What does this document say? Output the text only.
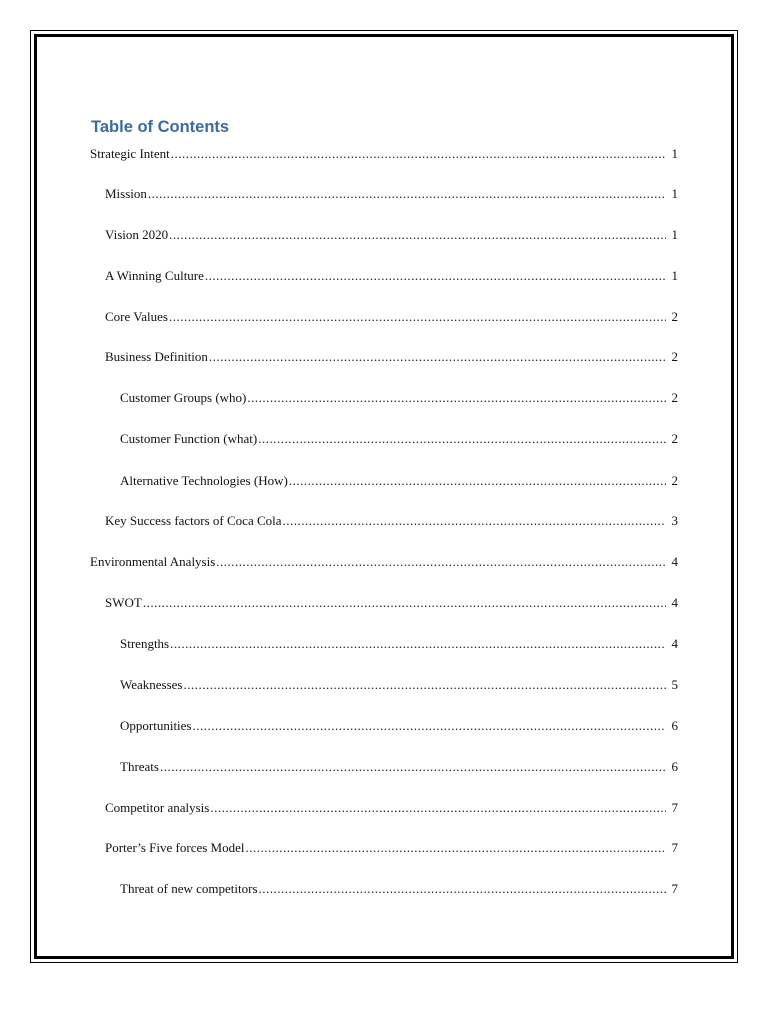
Table of Contents
Strategic Intent .....	1
Mission .....	1
Vision 2020 .....	1
A Winning Culture .....	1
Core Values .....	2
Business Definition .....	2
Customer Groups (who) .....	2
Customer Function (what) .....	2
Alternative Technologies (How) .....	2
Key Success factors of Coca Cola .....	3
Environmental Analysis .....	4
SWOT .....	4
Strengths .....	4
Weaknesses .....	5
Opportunities .....	6
Threats .....	6
Competitor analysis .....	7
Porter’s Five forces Model .....	7
Threat of new competitors .....	7
